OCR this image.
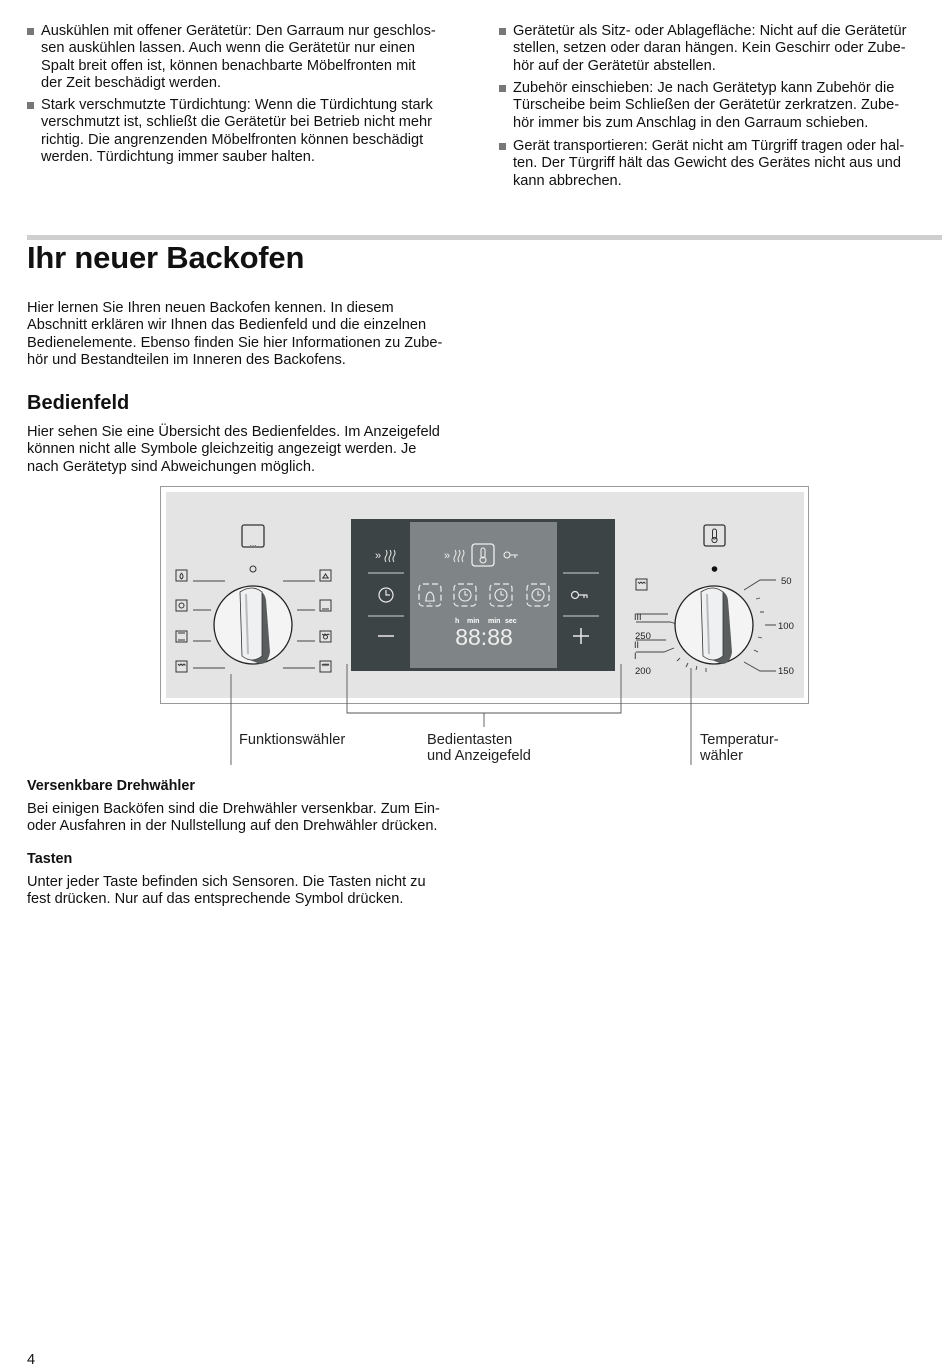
Auskühlen mit offener Gerätetür: Den Garraum nur geschlos-
sen auskühlen lassen. Auch wenn die Gerätetür nur einen
Spalt breit offen ist, können benachbarte Möbelfronten mit
der Zeit beschädigt werden.
Stark verschmutzte Türdichtung: Wenn die Türdichtung stark
verschmutzt ist, schließt die Gerätetür bei Betrieb nicht mehr
richtig. Die angrenzenden Möbelfronten können beschädigt
werden. Türdichtung immer sauber halten.
Gerätetür als Sitz- oder Ablagefläche: Nicht auf die Gerätetür
stellen, setzen oder daran hängen. Kein Geschirr oder Zube-
hör auf der Gerätetür abstellen.
Zubehör einschieben: Je nach Gerätetyp kann Zubehör die
Türscheibe beim Schließen der Gerätetür zerkratzen. Zube-
hör immer bis zum Anschlag in den Garraum schieben.
Gerät transportieren: Gerät nicht am Türgriff tragen oder hal-
ten. Der Türgriff hält das Gewicht des Gerätes nicht aus und
kann abbrechen.
Ihr neuer Backofen
Hier lernen Sie Ihren neuen Backofen kennen. In diesem
Abschnitt erklären wir Ihnen das Bedienfeld und die einzelnen
Bedienelemente. Ebenso finden Sie hier Informationen zu Zube-
hör und Bestandteilen im Inneren des Backofens.
Bedienfeld
Hier sehen Sie eine Übersicht des Bedienfeldes. Im Anzeigefeld
können nicht alle Symbole gleichzeitig angezeigt werden. Je
nach Gerätetyp sind Abweichungen möglich.
»	»
h min min sec
88:88
...
III
II
I
250
200
50
100
150
Funktionswähler	Bedientasten
und Anzeigefeld
Temperatur-
wähler
Versenkbare Drehwähler
Bei einigen Backöfen sind die Drehwähler versenkbar. Zum Ein-
oder Ausfahren in der Nullstellung auf den Drehwähler drücken.
Tasten
Unter jeder Taste befinden sich Sensoren. Die Tasten nicht zu
fest drücken. Nur auf das entsprechende Symbol drücken.
4
